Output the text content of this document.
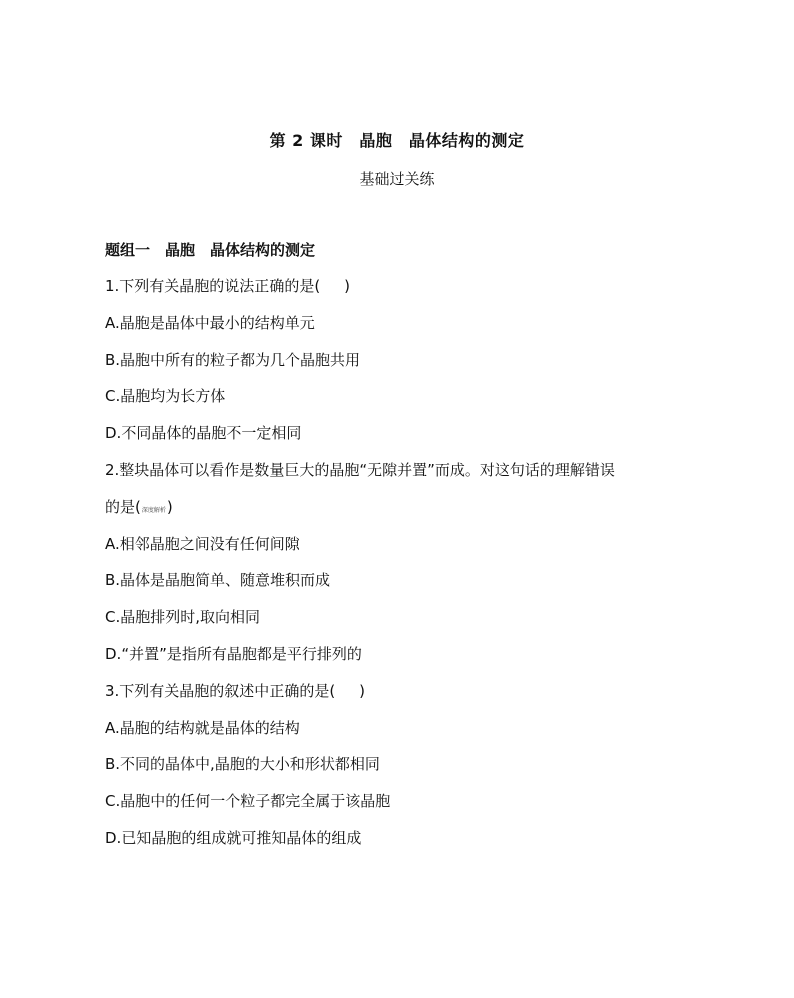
第 2 课时　晶胞　晶体结构的测定
基础过关练
题组一　晶胞　晶体结构的测定
1.下列有关晶胞的说法正确的是( )
A.晶胞是晶体中最小的结构单元
B.晶胞中所有的粒子都为几个晶胞共用
C.晶胞均为长方体
D.不同晶体的晶胞不一定相同
2.整块晶体可以看作是数量巨大的晶胞“无隙并置”而成。对这句话的理解错误
的是(深度解析)
A.相邻晶胞之间没有任何间隙
B.晶体是晶胞简单、随意堆积而成
C.晶胞排列时,取向相同
D.“并置”是指所有晶胞都是平行排列的
3.下列有关晶胞的叙述中正确的是( )
A.晶胞的结构就是晶体的结构
B.不同的晶体中,晶胞的大小和形状都相同
C.晶胞中的任何一个粒子都完全属于该晶胞
D.已知晶胞的组成就可推知晶体的组成
